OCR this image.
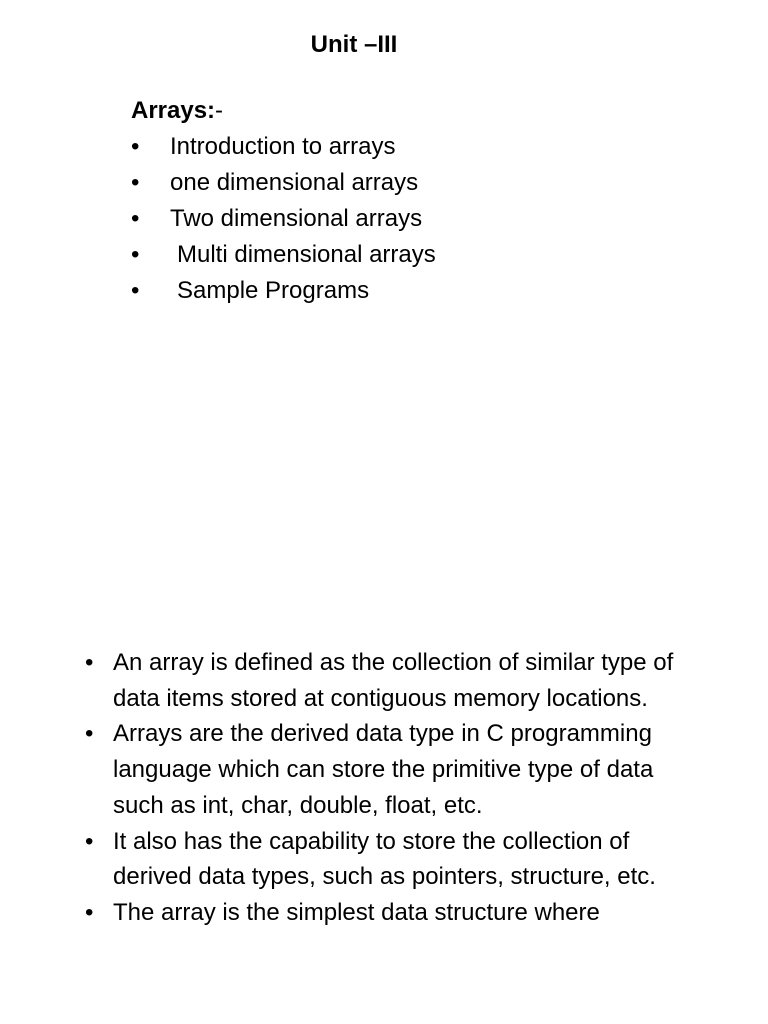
Unit –III
Arrays:-
• Introduction to arrays
• one dimensional arrays
• Two dimensional arrays
• Multi dimensional arrays
• Sample Programs
• An array is defined as the collection of similar type of data items stored at contiguous memory locations.
• Arrays are the derived data type in C programming language which can store the primitive type of data such as int, char, double, float, etc.
• It also has the capability to store the collection of derived data types, such as pointers, structure, etc.
• The array is the simplest data structure where
